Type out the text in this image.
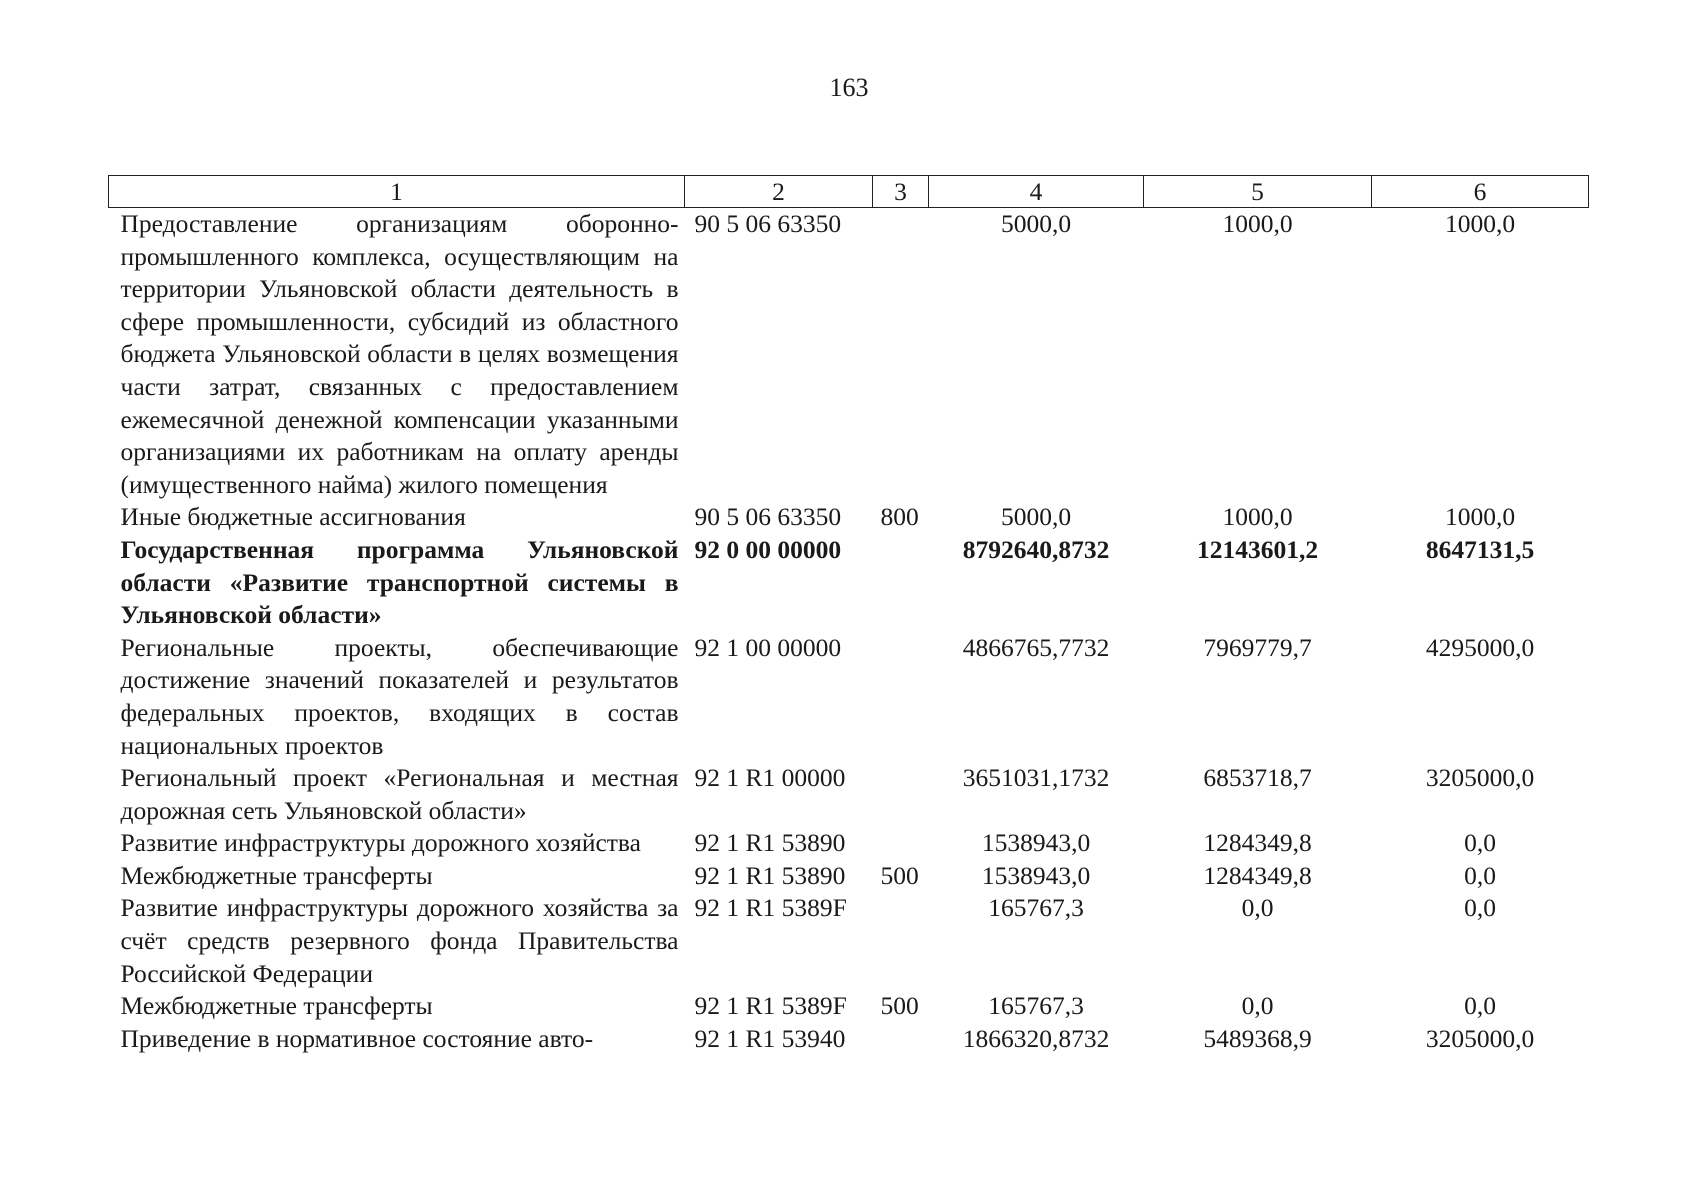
163
1	2	3	4	5	6
Предоставление организациям оборонно-промышленного комплекса, осуществляющим на территории Ульяновской области деятельность в сфере промышленности, субсидий из областного бюджета Ульяновской области в целях возмещения части затрат, связанных с предоставлением ежемесячной денежной компенсации указанными организациями их работникам на оплату аренды (имущественного найма) жилого помещения	90 5 06 63350		5000,0	1000,0	1000,0
Иные бюджетные ассигнования	90 5 06 63350	800	5000,0	1000,0	1000,0
Государственная программа Ульяновской области «Развитие транспортной системы в Ульяновской области»	92 0 00 00000		8792640,8732	12143601,2	8647131,5
Региональные проекты, обеспечивающие достижение значений показателей и результатов федеральных проектов, входящих в состав национальных проектов	92 1 00 00000		4866765,7732	7969779,7	4295000,0
Региональный проект «Региональная и местная дорожная сеть Ульяновской области»	92 1 R1 00000		3651031,1732	6853718,7	3205000,0
Развитие инфраструктуры дорожного хозяйства	92 1 R1 53890		1538943,0	1284349,8	0,0
Межбюджетные трансферты	92 1 R1 53890	500	1538943,0	1284349,8	0,0
Развитие инфраструктуры дорожного хозяйства за счёт средств резервного фонда Правительства Российской Федерации	92 1 R1 5389F		165767,3	0,0	0,0
Межбюджетные трансферты	92 1 R1 5389F	500	165767,3	0,0	0,0
Приведение в нормативное состояние авто-	92 1 R1 53940		1866320,8732	5489368,9	3205000,0
